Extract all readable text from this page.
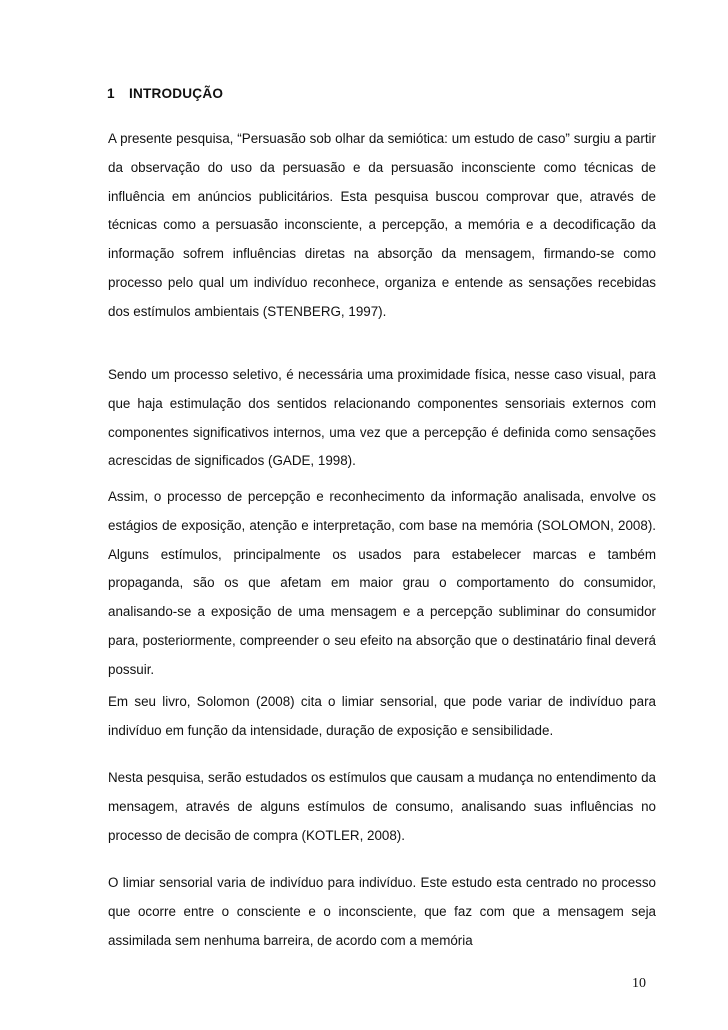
1 INTRODUÇÃO

A presente pesquisa, “Persuasão sob olhar da semiótica: um estudo de caso” surgiu a partir da observação do uso da persuasão e da persuasão inconsciente como técnicas de influência em anúncios publicitários. Esta pesquisa buscou comprovar que, através de técnicas como a persuasão inconsciente, a percepção, a memória e a decodificação da informação sofrem influências diretas na absorção da mensagem, firmando-se como processo pelo qual um indivíduo reconhece, organiza e entende as sensações recebidas dos estímulos ambientais (STENBERG, 1997).

Sendo um processo seletivo, é necessária uma proximidade física, nesse caso visual, para que haja estimulação dos sentidos relacionando componentes sensoriais externos com componentes significativos internos, uma vez que a percepção é definida como sensações acrescidas de significados (GADE, 1998).

Assim, o processo de percepção e reconhecimento da informação analisada, envolve os estágios de exposição, atenção e interpretação, com base na memória (SOLOMON, 2008). Alguns estímulos, principalmente os usados para estabelecer marcas e também propaganda, são os que afetam em maior grau o comportamento do consumidor, analisando-se a exposição de uma mensagem e a percepção subliminar do consumidor para, posteriormente, compreender o seu efeito na absorção que o destinatário final deverá possuir.

Em seu livro, Solomon (2008) cita o limiar sensorial, que pode variar de indivíduo para indivíduo em função da intensidade, duração de exposição e sensibilidade.

Nesta pesquisa, serão estudados os estímulos que causam a mudança no entendimento da mensagem, através de alguns estímulos de consumo, analisando suas influências no processo de decisão de compra (KOTLER, 2008).

O limiar sensorial varia de indivíduo para indivíduo. Este estudo esta centrado no processo que ocorre entre o consciente e o inconsciente, que faz com que a mensagem seja assimilada sem nenhuma barreira, de acordo com a memória

10
